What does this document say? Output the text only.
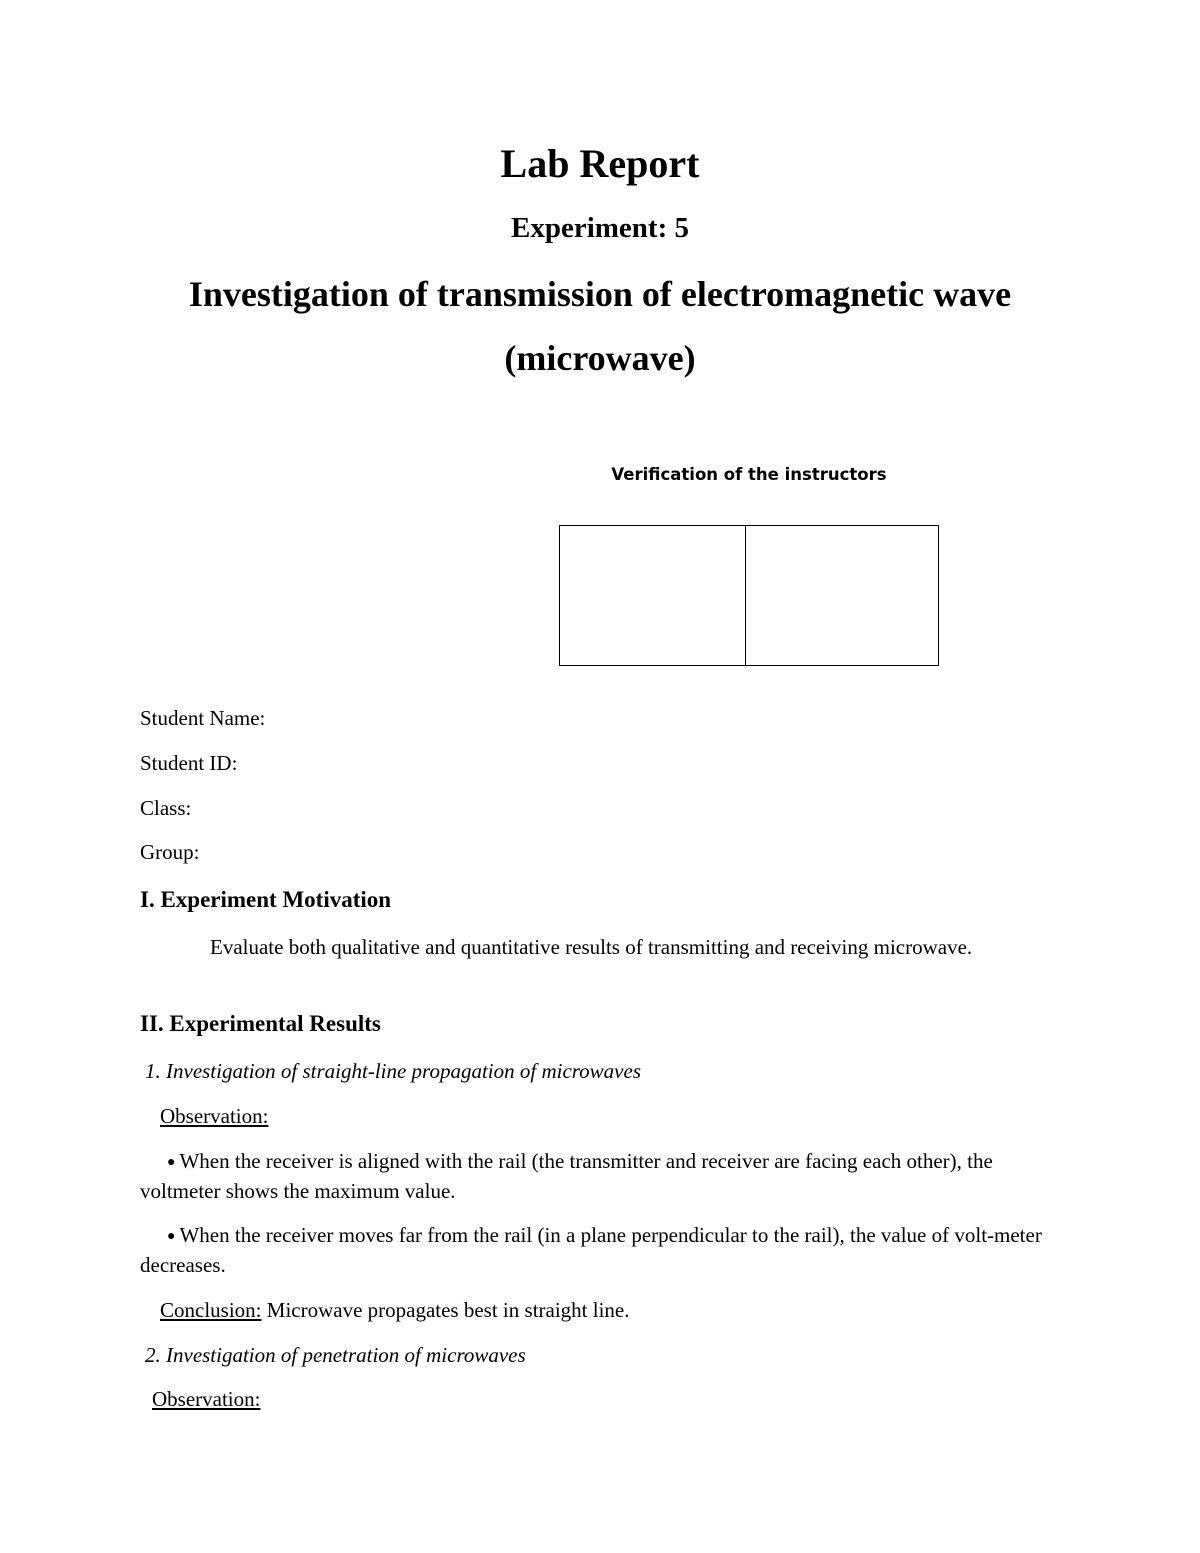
Lab Report
Experiment: 5
Investigation of transmission of electromagnetic wave (microwave)
Verification of the instructors
Student Name:
Student ID:
Class:
Group:
I. Experiment Motivation
Evaluate both qualitative and quantitative results of transmitting and receiving microwave.
II. Experimental Results
1. Investigation of straight-line propagation of microwaves
Observation:
● When the receiver is aligned with the rail (the transmitter and receiver are facing each other), the voltmeter shows the maximum value.
● When the receiver moves far from the rail (in a plane perpendicular to the rail), the value of volt-meter decreases.
Conclusion: Microwave propagates best in straight line.
2. Investigation of penetration of microwaves
Observation:
